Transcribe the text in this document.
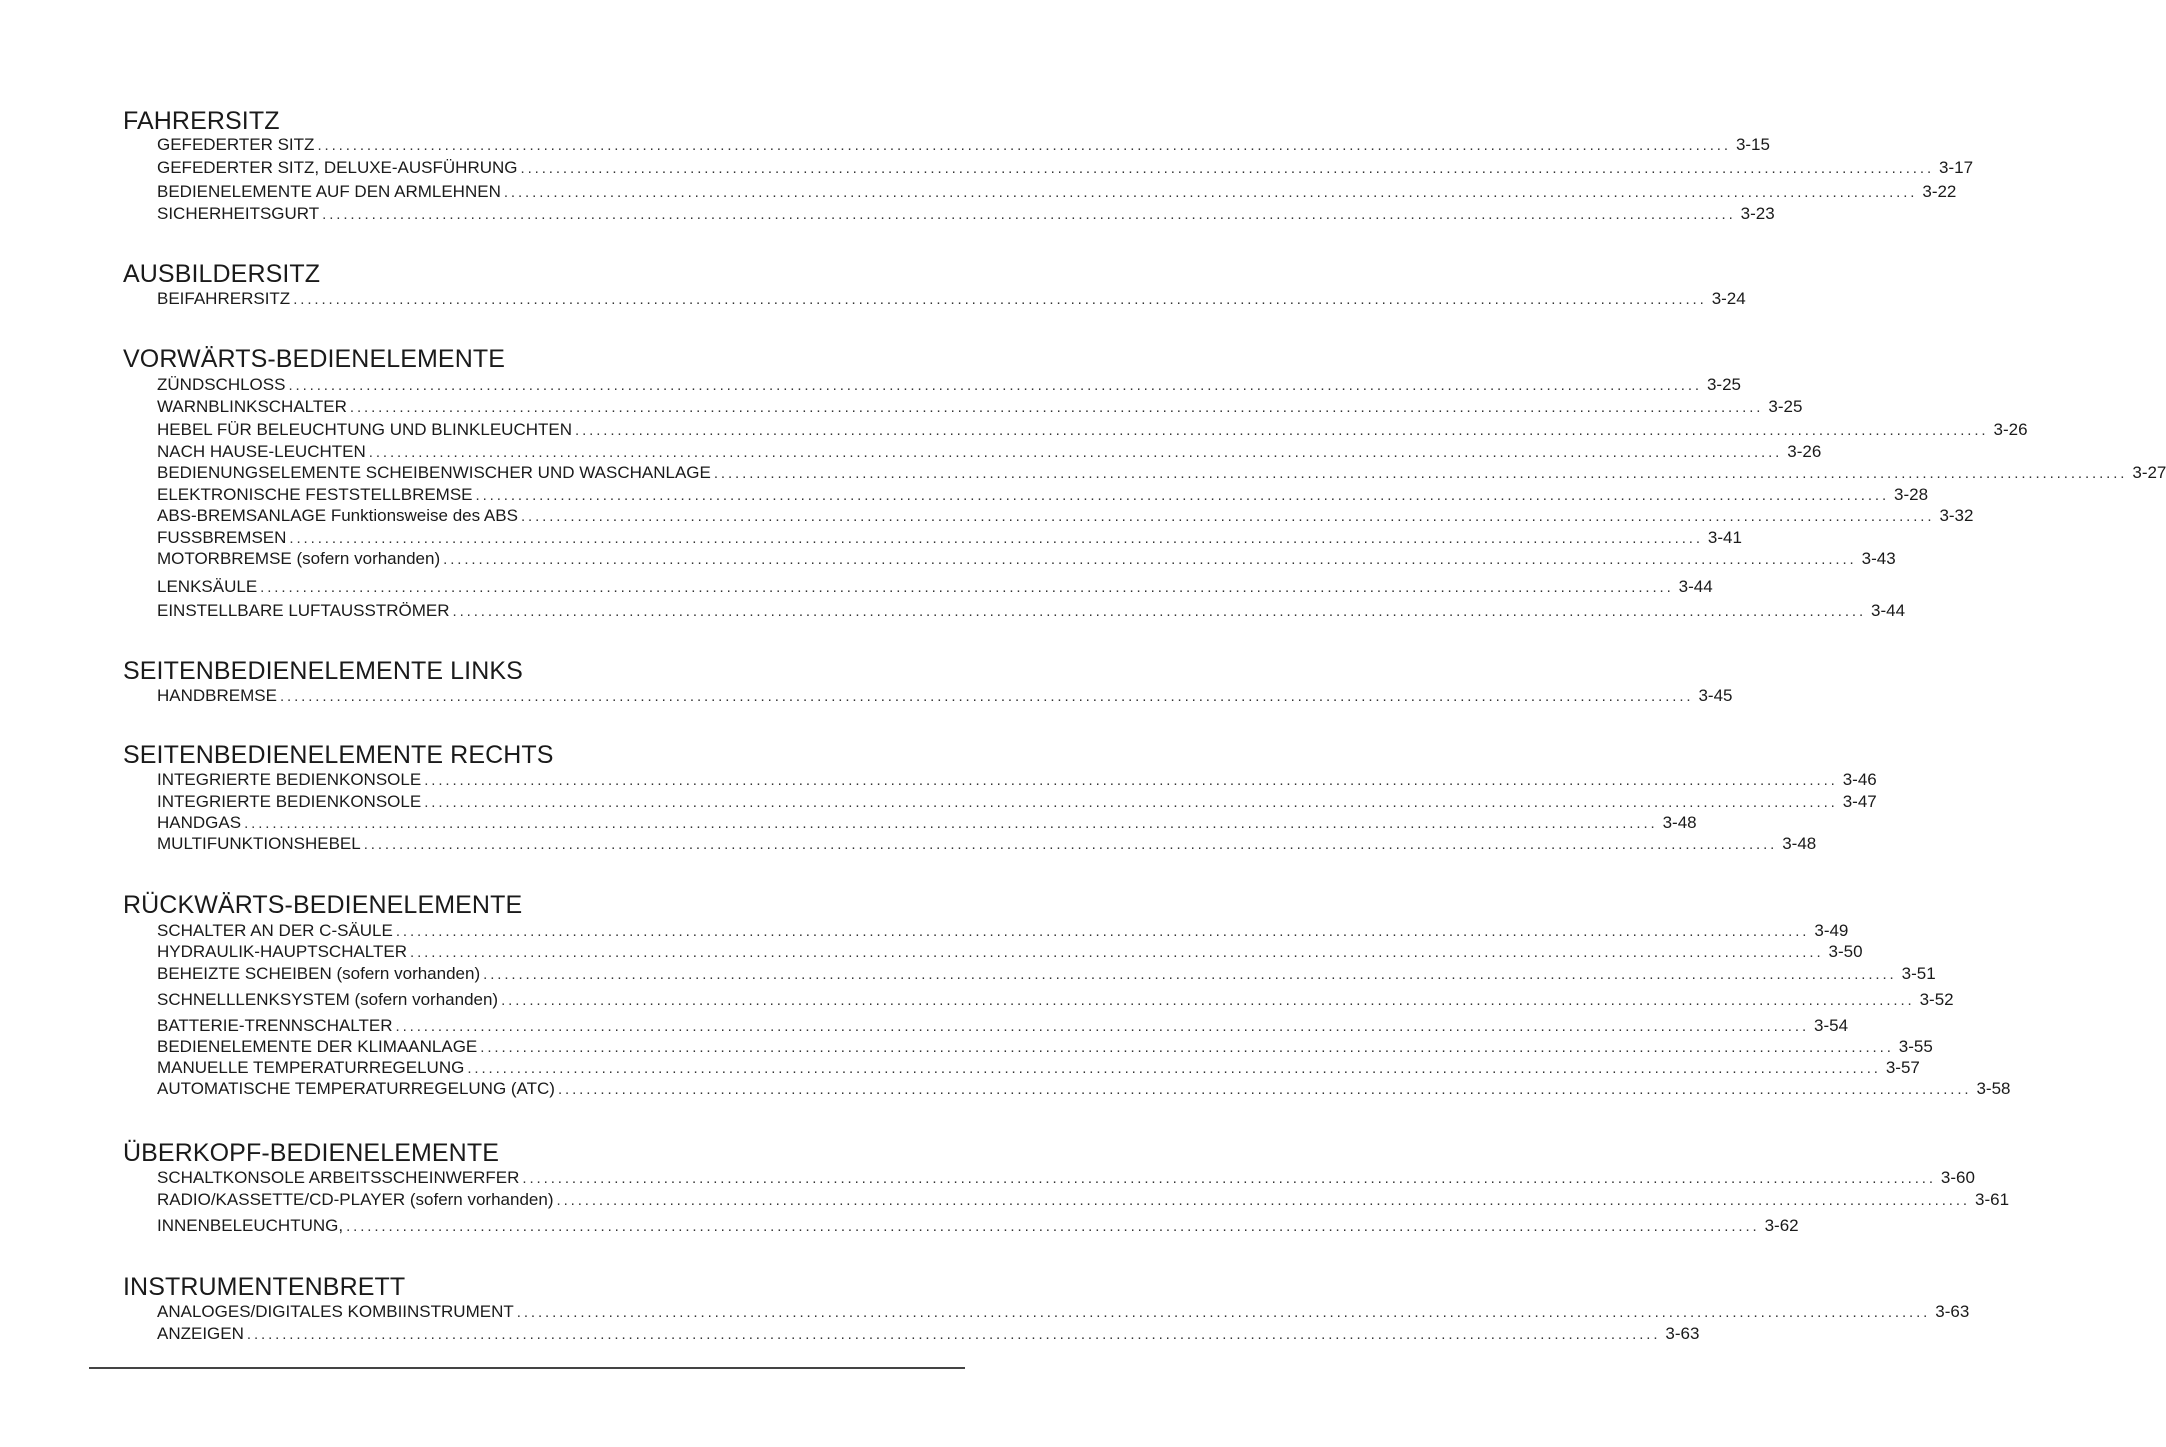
FAHRERSITZ
GEFEDERTER SITZ ........................................................................................................................................................................................................ 3-15
GEFEDERTER SITZ, DELUXE-AUSFÜHRUNG ........................................................................................................................................................................................................ 3-17
BEDIENELEMENTE AUF DEN ARMLEHNEN ........................................................................................................................................................................................................ 3-22
SICHERHEITSGURT ........................................................................................................................................................................................................ 3-23
AUSBILDERSITZ
BEIFAHRERSITZ ........................................................................................................................................................................................................ 3-24
VORWÄRTS-BEDIENELEMENTE
ZÜNDSCHLOSS ........................................................................................................................................................................................................ 3-25
WARNBLINKSCHALTER ........................................................................................................................................................................................................ 3-25
HEBEL FÜR BELEUCHTUNG UND BLINKLEUCHTEN ........................................................................................................................................................................................................ 3-26
NACH HAUSE-LEUCHTEN ........................................................................................................................................................................................................ 3-26
BEDIENUNGSELEMENTE SCHEIBENWISCHER UND WASCHANLAGE ........................................................................................................................................................................................................ 3-27
ELEKTRONISCHE FESTSTELLBREMSE ........................................................................................................................................................................................................ 3-28
ABS-BREMSANLAGE Funktionsweise des ABS ........................................................................................................................................................................................................ 3-32
FUSSBREMSEN ........................................................................................................................................................................................................ 3-41
MOTORBREMSE (sofern vorhanden) ........................................................................................................................................................................................................ 3-43
LENKSÄULE ........................................................................................................................................................................................................ 3-44
EINSTELLBARE LUFTAUSSTRÖMER ........................................................................................................................................................................................................ 3-44
SEITENBEDIENELEMENTE LINKS
HANDBREMSE ........................................................................................................................................................................................................ 3-45
SEITENBEDIENELEMENTE RECHTS
INTEGRIERTE BEDIENKONSOLE ........................................................................................................................................................................................................ 3-46
INTEGRIERTE BEDIENKONSOLE ........................................................................................................................................................................................................ 3-47
HANDGAS ........................................................................................................................................................................................................ 3-48
MULTIFUNKTIONSHEBEL ........................................................................................................................................................................................................ 3-48
RÜCKWÄRTS-BEDIENELEMENTE
SCHALTER AN DER C-SÄULE ........................................................................................................................................................................................................ 3-49
HYDRAULIK-HAUPTSCHALTER ........................................................................................................................................................................................................ 3-50
BEHEIZTE SCHEIBEN (sofern vorhanden) ........................................................................................................................................................................................................ 3-51
SCHNELLLENKSYSTEM (sofern vorhanden) ........................................................................................................................................................................................................ 3-52
BATTERIE-TRENNSCHALTER ........................................................................................................................................................................................................ 3-54
BEDIENELEMENTE DER KLIMAANLAGE ........................................................................................................................................................................................................ 3-55
MANUELLE TEMPERATURREGELUNG ........................................................................................................................................................................................................ 3-57
AUTOMATISCHE TEMPERATURREGELUNG (ATC) ........................................................................................................................................................................................................ 3-58
ÜBERKOPF-BEDIENELEMENTE
SCHALTKONSOLE ARBEITSSCHEINWERFER ........................................................................................................................................................................................................ 3-60
RADIO/KASSETTE/CD-PLAYER (sofern vorhanden) ........................................................................................................................................................................................................ 3-61
INNENBELEUCHTUNG, ........................................................................................................................................................................................................ 3-62
INSTRUMENTENBRETT
ANALOGES/DIGITALES KOMBIINSTRUMENT ........................................................................................................................................................................................................ 3-63
ANZEIGEN ........................................................................................................................................................................................................ 3-63
